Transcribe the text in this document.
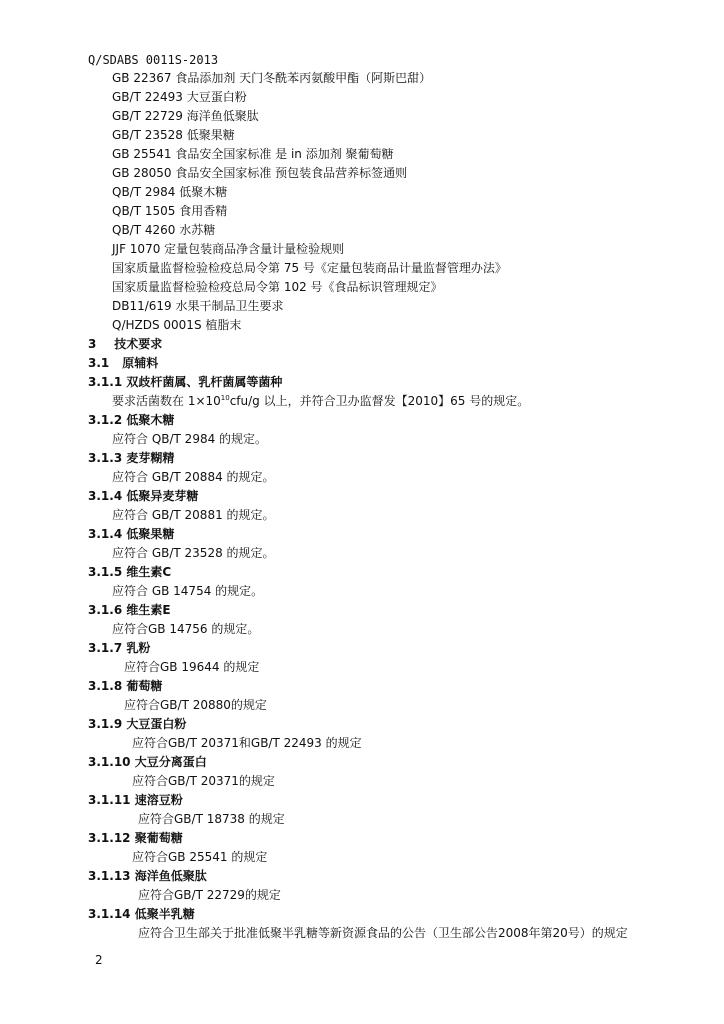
Q/SDABS 0011S-2013
GB 22367 食品添加剂 天门冬酰苯丙氨酸甲酯（阿斯巴甜）
GB/T 22493 大豆蛋白粉
GB/T 22729 海洋鱼低聚肽
GB/T 23528 低聚果糖
GB 25541 食品安全国家标准 是 in 添加剂 聚葡萄糖
GB 28050 食品安全国家标准 预包装食品营养标签通则
QB/T 2984 低聚木糖
QB/T 1505 食用香精
QB/T 4260 水苏糖
JJF 1070 定量包装商品净含量计量检验规则
国家质量监督检验检疫总局令第 75 号《定量包装商品计量监督管理办法》
国家质量监督检验检疫总局令第 102 号《食品标识管理规定》
DB11/619 水果干制品卫生要求
Q/HZDS 0001S 植脂末
3 技术要求
3.1 原辅料
3.1.1 双歧杆菌属、乳杆菌属等菌种
要求活菌数在 $1\times 10^{10}cfu/g$ 以上，并符合卫办监督发【2010】65 号的规定。
3.1.2 低聚木糖
应符合 QB/T 2984 的规定。
3.1.3 麦芽糊精
应符合 GB/T 20884 的规定。
3.1.4 低聚异麦芽糖
应符合 GB/T 20881 的规定。
3.1.4 低聚果糖
应符合 GB/T 23528 的规定。
3.1.5 维生素C
应符合 GB 14754 的规定。
3.1.6 维生素E
应符合GB 14756 的规定。
3.1.7 乳粉
应符合GB 19644 的规定
3.1.8 葡萄糖
应符合GB/T 20880的规定
3.1.9 大豆蛋白粉
应符合GB/T 20371和GB/T 22493 的规定
3.1.10 大豆分离蛋白
应符合GB/T 20371的规定
3.1.11 速溶豆粉
应符合GB/T 18738 的规定
3.1.12 聚葡萄糖
应符合GB 25541 的规定
3.1.13 海洋鱼低聚肽
应符合GB/T 22729的规定
3.1.14 低聚半乳糖
应符合卫生部关于批准低聚半乳糖等新资源食品的公告（卫生部公告2008年第20号）的规定
2
